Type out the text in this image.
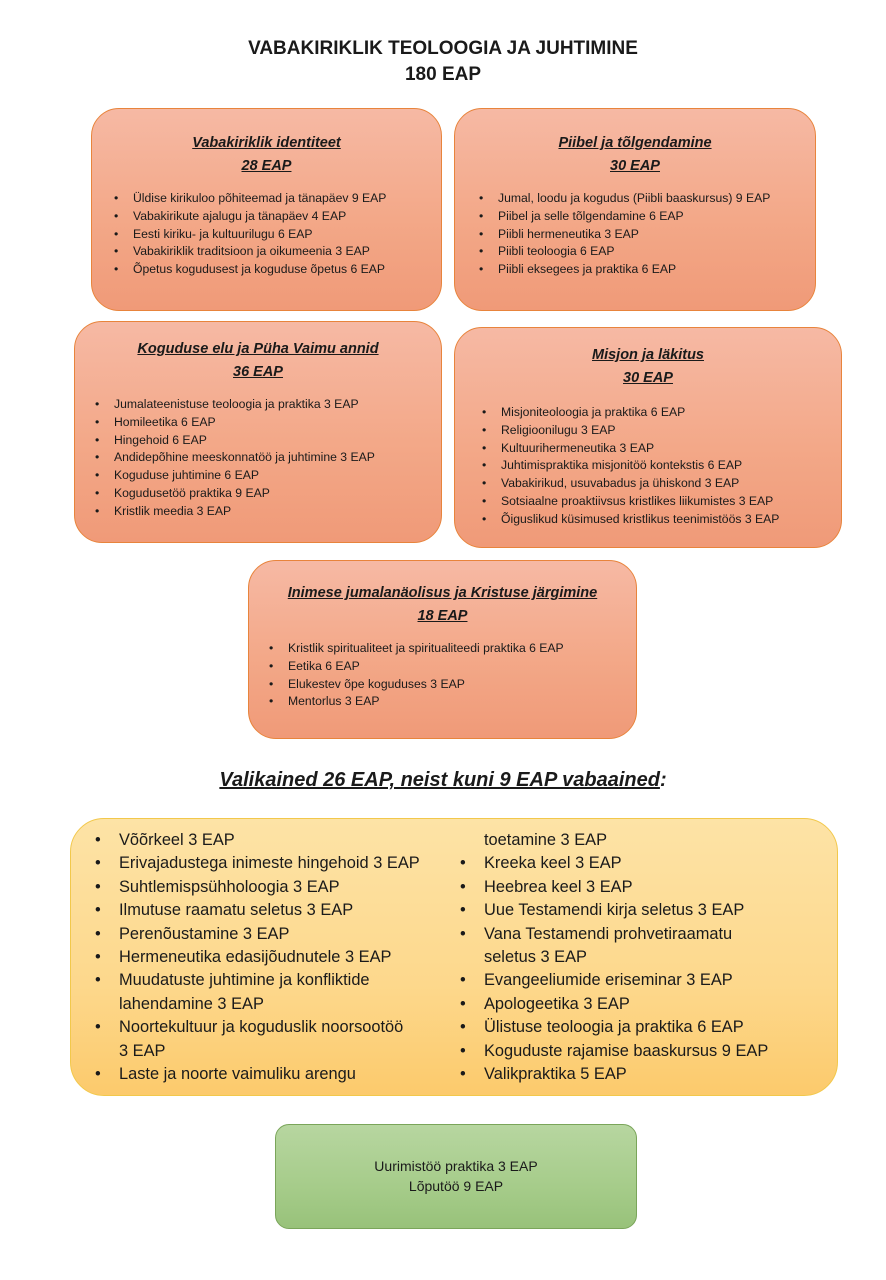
VABAKIRIKLIK TEOLOOGIA JA JUHTIMINE
180 EAP
Vabakiriklik identiteet
28 EAP
• Üldise kirikuloo põhiteemad ja tänapäev 9 EAP
• Vabakirikute ajalugu ja tänapäev 4 EAP
• Eesti kiriku- ja kultuurilugu 6 EAP
• Vabakiriklik traditsioon ja oikumeenia 3 EAP
• Õpetus kogudusest ja koguduse õpetus 6 EAP
Piibel ja tõlgendamine
30 EAP
• Jumal, loodu ja kogudus (Piibli baaskursus) 9 EAP
• Piibel ja selle tõlgendamine 6 EAP
• Piibli hermeneutika 3 EAP
• Piibli teoloogia 6 EAP
• Piibli eksegees ja praktika 6 EAP
Koguduse elu ja Püha Vaimu annid
36 EAP
• Jumalateenistuse teoloogia ja praktika 3 EAP
• Homileetika 6 EAP
• Hingehoid 6 EAP
• Andidepõhine meeskonnatöö ja juhtimine 3 EAP
• Koguduse juhtimine 6 EAP
• Kogudusetöö praktika 9 EAP
• Kristlik meedia 3 EAP
Misjon ja läkitus
30 EAP
• Misjoniteoloogia ja praktika 6 EAP
• Religioonilugu 3 EAP
• Kultuurihermeneutika 3 EAP
• Juhtimispraktika misjonitöö kontekstis 6 EAP
• Vabakirikud, usuvabadus ja ühiskond 3 EAP
• Sotsiaalne proaktiivsus kristlikes liikumistes 3 EAP
• Õiguslikud küsimused kristlikus teenimistöös 3 EAP
Inimese jumalanäolisus ja Kristuse järgimine
18 EAP
• Kristlik spiritualiteet ja spiritualiteedi praktika 6 EAP
• Eetika 6 EAP
• Elukestev õpe koguduses 3 EAP
• Mentorlus 3 EAP
Valikained 26 EAP, neist kuni 9 EAP vabaained:
• Võõrkeel 3 EAP
• Erivajadustega inimeste hingehoid 3 EAP
• Suhtlemispsühholoogia 3 EAP
• Ilmutuse raamatu seletus 3 EAP
• Perenõustamine 3 EAP
• Hermeneutika edasijõudnutele 3 EAP
• Muudatuste juhtimine ja konfliktide
lahendamine 3 EAP
• Noortekultuur ja koguduslik noorsootöö
3 EAP
• Laste ja noorte vaimuliku arengu
toetamine 3 EAP
• Kreeka keel 3 EAP
• Heebrea keel 3 EAP
• Uue Testamendi kirja seletus 3 EAP
• Vana Testamendi prohvetiraamatu
seletus 3 EAP
• Evangeeliumide eriseminar 3 EAP
• Apologeetika 3 EAP
• Ülistuse teoloogia ja praktika 6 EAP
• Koguduste rajamise baaskursus 9 EAP
• Valikpraktika 5 EAP
Uurimistöö praktika 3 EAP
Lõputöö 9 EAP
